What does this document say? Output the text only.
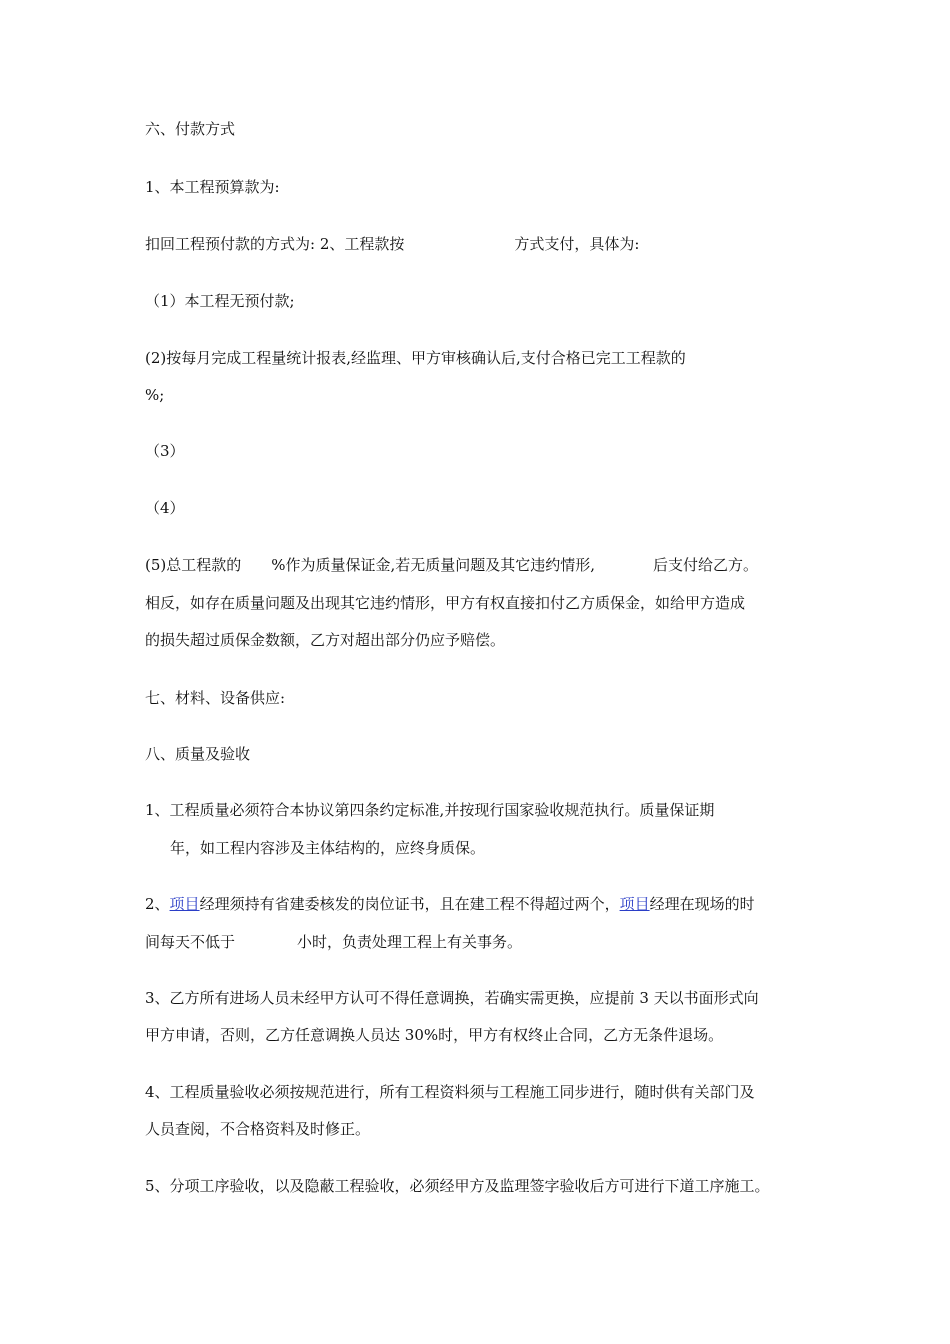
六、付款方式
1、本工程预算款为:
扣回工程预付款的方式为: 2、工程款按	方式支付，具体为:
（1）本工程无预付款;
(2)按每月完成工程量统计报表,经监理、甲方审核确认后,支付合格已完工工程款的
%;
（3）
（4）
(5)总工程款的 %作为质量保证金,若无质量问题及其它违约情形,	后支付给乙方。
相反，如存在质量问题及出现其它违约情形，甲方有权直接扣付乙方质保金，如给甲方造成
的损失超过质保金数额，乙方对超出部分仍应予赔偿。
七、材料、设备供应:
八、质量及验收
1、工程质量必须符合本协议第四条约定标准,并按现行国家验收规范执行。质量保证期
年，如工程内容涉及主体结构的，应终身质保。
2、项目经理须持有省建委核发的岗位证书，且在建工程不得超过两个，项目经理在现场的时
间每天不低于	小时，负责处理工程上有关事务。
3、乙方所有进场人员未经甲方认可不得任意调换，若确实需更换，应提前 3 天以书面形式向
甲方申请，否则，乙方任意调换人员达 30%时，甲方有权终止合同，乙方无条件退场。
4、工程质量验收必须按规范进行，所有工程资料须与工程施工同步进行，随时供有关部门及
人员查阅，不合格资料及时修正。
5、分项工序验收，以及隐蔽工程验收，必须经甲方及监理签字验收后方可进行下道工序施工。
